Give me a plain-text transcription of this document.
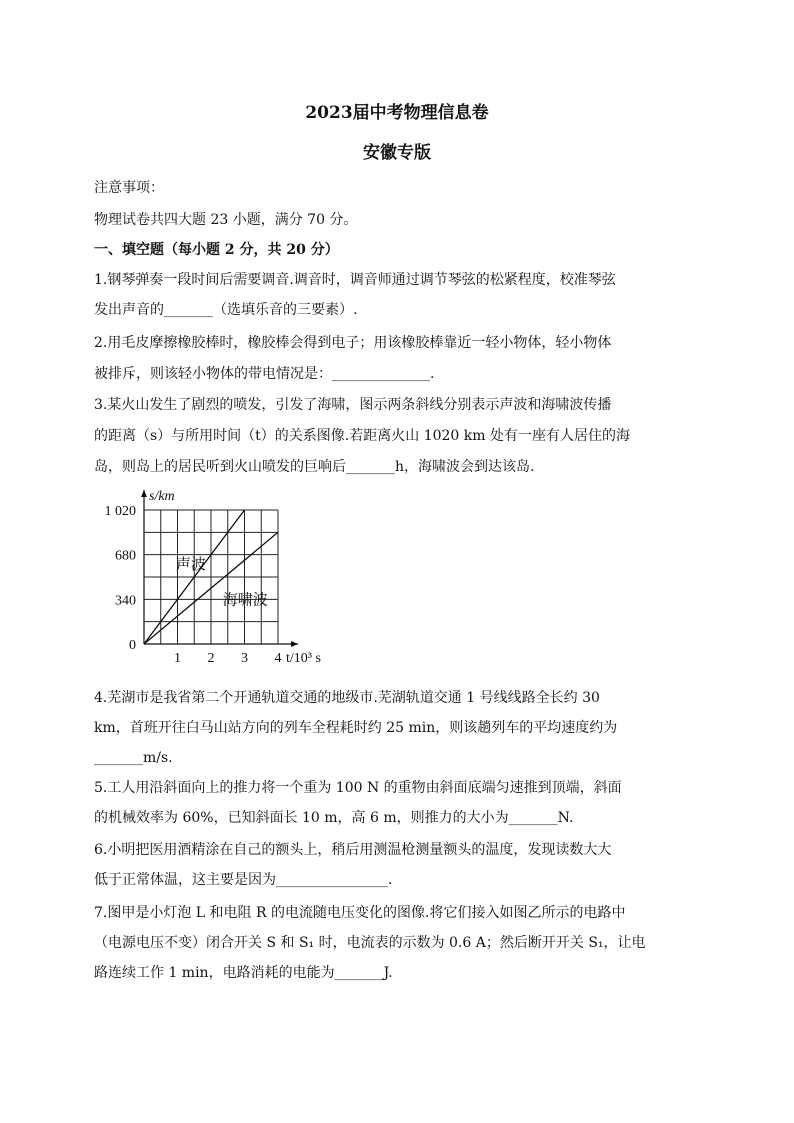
2023届中考物理信息卷
安徽专版
注意事项：
物理试卷共四大题 23 小题，满分 70 分。
一、填空题（每小题 2 分，共 20 分）
1.钢琴弹奏一段时间后需要调音.调音时，调音师通过调节琴弦的松紧程度，校准琴弦
发出声音的_______（选填乐音的三要素）.
2.用毛皮摩擦橡胶棒时，橡胶棒会得到电子；用该橡胶棒靠近一轻小物体，轻小物体
被排斥，则该轻小物体的带电情况是：______________.
3.某火山发生了剧烈的喷发，引发了海啸，图示两条斜线分别表示声波和海啸波传播
的距离（s）与所用时间（t）的关系图像.若距离火山 1020 km 处有一座有人居住的海
岛，则岛上的居民听到火山喷发的巨响后_______h，海啸波会到达该岛.
声波
海啸波
1 2 3 4
0
340
680
1 020
s/km
t/10³ s
4.芜湖市是我省第二个开通轨道交通的地级市.芜湖轨道交通 1 号线线路全长约 30
km，首班开往白马山站方向的列车全程耗时约 25 min，则该趟列车的平均速度约为
_______m/s.
5.工人用沿斜面向上的推力将一个重为 100 N 的重物由斜面底端匀速推到顶端，斜面
的机械效率为 60%，已知斜面长 10 m，高 6 m，则推力的大小为_______N.
6.小明把医用酒精涂在自己的额头上，稍后用测温枪测量额头的温度，发现读数大大
低于正常体温，这主要是因为________________.
7.图甲是小灯泡 L 和电阻 R 的电流随电压变化的图像.将它们接入如图乙所示的电路中
（电源电压不变）闭合开关 S 和 S₁ 时，电流表的示数为 0.6 A；然后断开开关 S₁，让电
路连续工作 1 min，电路消耗的电能为_______J.
